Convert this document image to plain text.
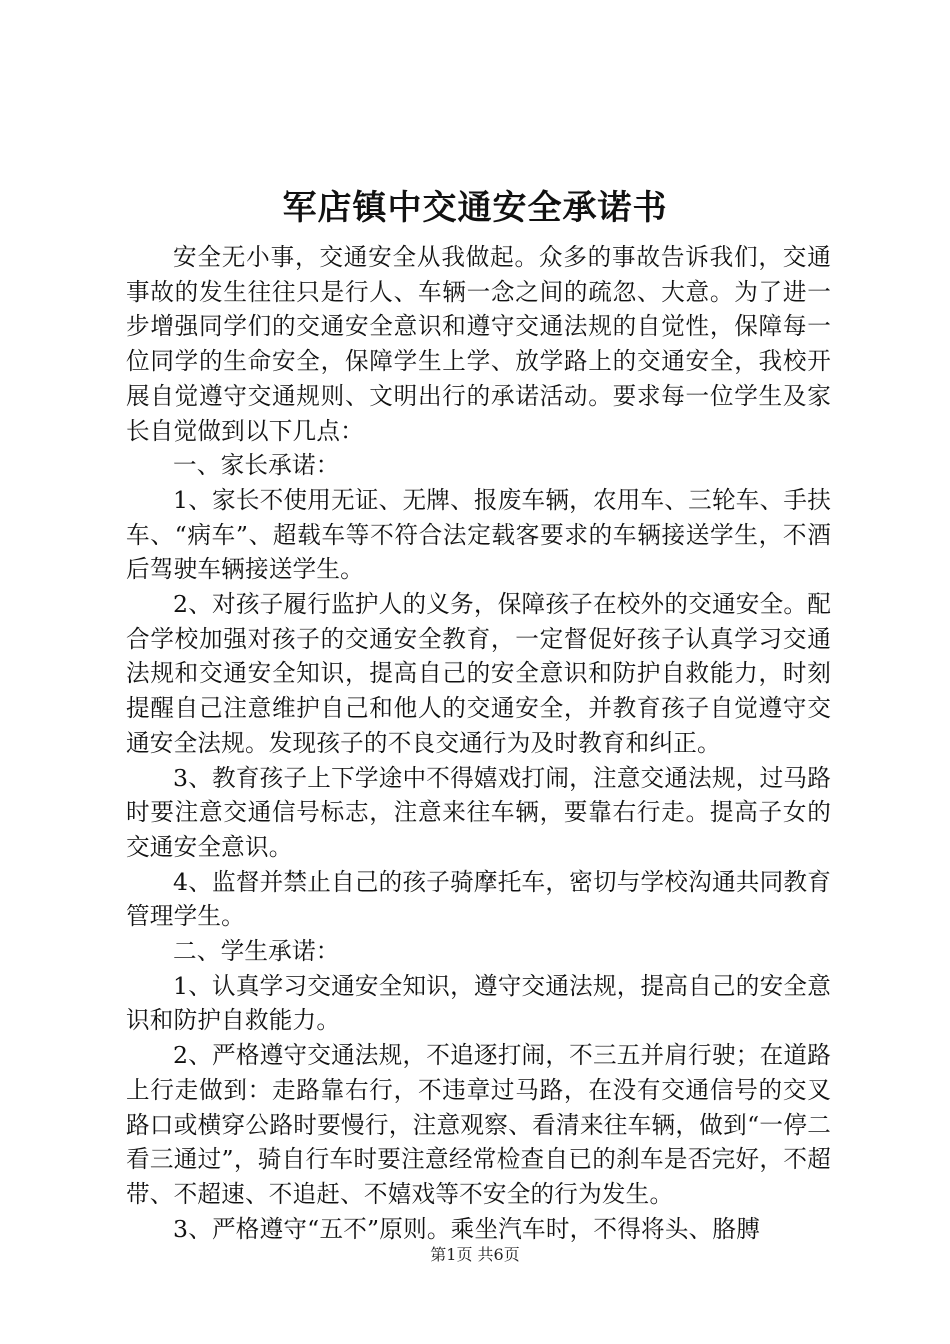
军店镇中交通安全承诺书

安全无小事，交通安全从我做起。众多的事故告诉我们，交通事故的发生往往只是行人、车辆一念之间的疏忽、大意。为了进一步增强同学们的交通安全意识和遵守交通法规的自觉性，保障每一位同学的生命安全，保障学生上学、放学路上的交通安全，我校开展自觉遵守交通规则、文明出行的承诺活动。要求每一位学生及家长自觉做到以下几点：

一、家长承诺：

1、家长不使用无证、无牌、报废车辆，农用车、三轮车、手扶车、“病车”、超载车等不符合法定载客要求的车辆接送学生，不酒后驾驶车辆接送学生。

2、对孩子履行监护人的义务，保障孩子在校外的交通安全。配合学校加强对孩子的交通安全教育，一定督促好孩子认真学习交通法规和交通安全知识，提高自己的安全意识和防护自救能力，时刻提醒自己注意维护自己和他人的交通安全，并教育孩子自觉遵守交通安全法规。发现孩子的不良交通行为及时教育和纠正。

3、教育孩子上下学途中不得嬉戏打闹，注意交通法规，过马路时要注意交通信号标志，注意来往车辆，要靠右行走。提高子女的交通安全意识。

4、监督并禁止自己的孩子骑摩托车，密切与学校沟通共同教育管理学生。

二、学生承诺：

1、认真学习交通安全知识，遵守交通法规，提高自己的安全意识和防护自救能力。

2、严格遵守交通法规，不追逐打闹，不三五并肩行驶；在道路上行走做到：走路靠右行，不违章过马路，在没有交通信号的交叉路口或横穿公路时要慢行，注意观察、看清来往车辆，做到“一停二看三通过”，骑自行车时要注意经常检查自已的刹车是否完好，不超带、不超速、不追赶、不嬉戏等不安全的行为发生。

3、严格遵守“五不”原则。乘坐汽车时，不得将头、胳膊

第1页 共6页
